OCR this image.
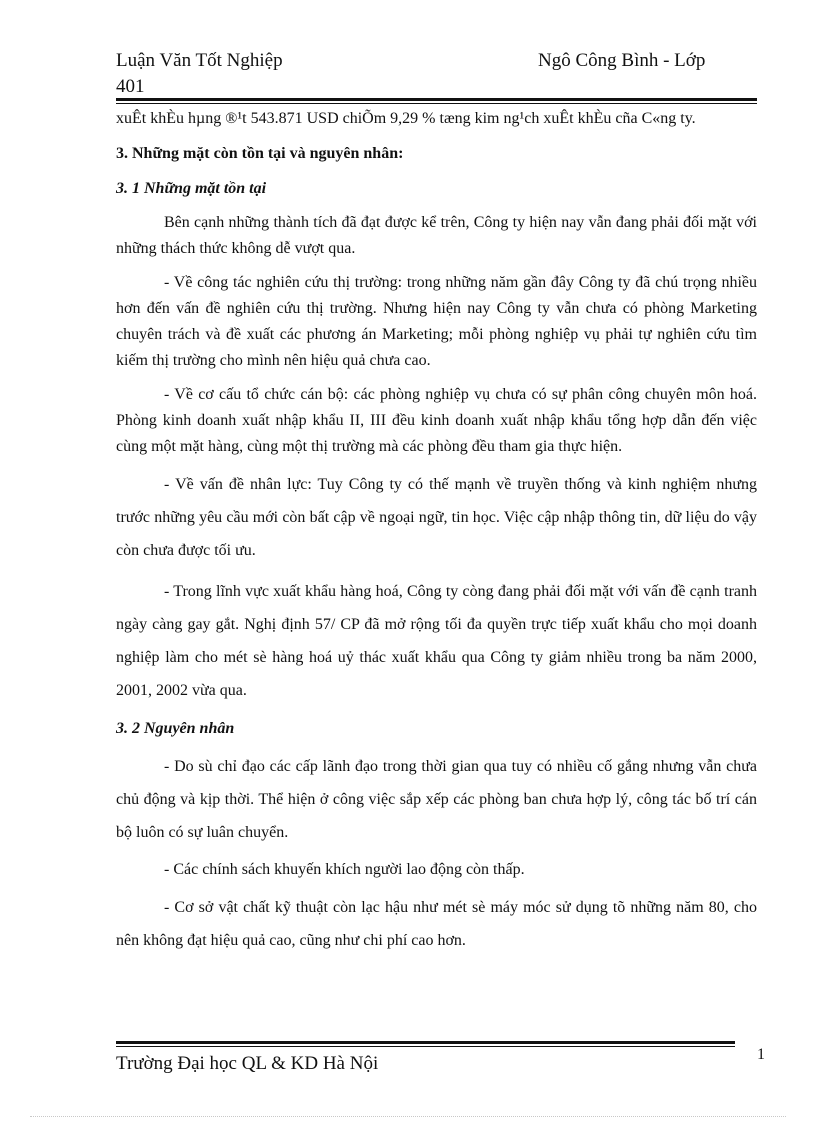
Luận Văn Tốt Nghiệp
401
Ngô Công Bình - Lớp

xuÊt khÈu hµng ®¹t 543.871 USD chiÕm 9,29 % tæng kim ng¹ch xuÊt khÈu cña C«ng ty.

3. Những mặt còn tồn tại và nguyên nhân:

3. 1 Những mặt tồn tại

Bên cạnh những thành tích đã đạt được kể trên, Công ty hiện nay vẫn đang phải đối mặt với những thách thức không dễ vượt qua.

- Về công tác nghiên cứu thị trường: trong những năm gần đây Công ty đã chú trọng nhiều hơn đến vấn đề nghiên cứu thị trường. Nhưng hiện nay Công ty vẫn chưa có phòng Marketing chuyên trách và đề xuất các phương án Marketing; mỗi phòng nghiệp vụ phải tự nghiên cứu tìm kiếm thị trường cho mình nên hiệu quả chưa cao.

- Về cơ cấu tổ chức cán bộ: các phòng nghiệp vụ chưa có sự phân công chuyên môn hoá. Phòng kinh doanh xuất nhập khẩu II, III đều kinh doanh xuất nhập khẩu tổng hợp dẫn đến việc cùng một mặt hàng, cùng một thị trường mà các phòng đều tham gia thực hiện.

- Về vấn đề nhân lực: Tuy Công ty có thế mạnh về truyền thống và kinh nghiệm nhưng trước những yêu cầu mới còn bất cập về ngoại ngữ, tin học. Việc cập nhập thông tin, dữ liệu do vậy còn chưa được tối ưu.

- Trong lĩnh vực xuất khẩu hàng hoá, Công ty còng đang phải đối mặt với vấn đề cạnh tranh ngày càng gay gắt. Nghị định 57/ CP đã mở rộng tối đa quyền trực tiếp xuất khẩu cho mọi doanh nghiệp làm cho mét sè hàng hoá uỷ thác xuất khẩu qua Công ty giảm nhiều trong ba năm 2000, 2001, 2002 vừa qua.

3. 2 Nguyên nhân

- Do sù chỉ đạo các cấp lãnh đạo trong thời gian qua tuy có nhiều cố gắng nhưng vẫn chưa chủ động và kịp thời. Thể hiện ở công việc sắp xếp các phòng ban chưa hợp lý, công tác bố trí cán bộ luôn có sự luân chuyển.

- Các chính sách khuyến khích người lao động còn thấp.

- Cơ sở vật chất kỹ thuật còn lạc hậu như mét sè máy móc sử dụng tõ những năm 80, cho nên không đạt hiệu quả cao, cũng như chi phí cao hơn.

Trường Đại học QL & KD Hà Nội	1
